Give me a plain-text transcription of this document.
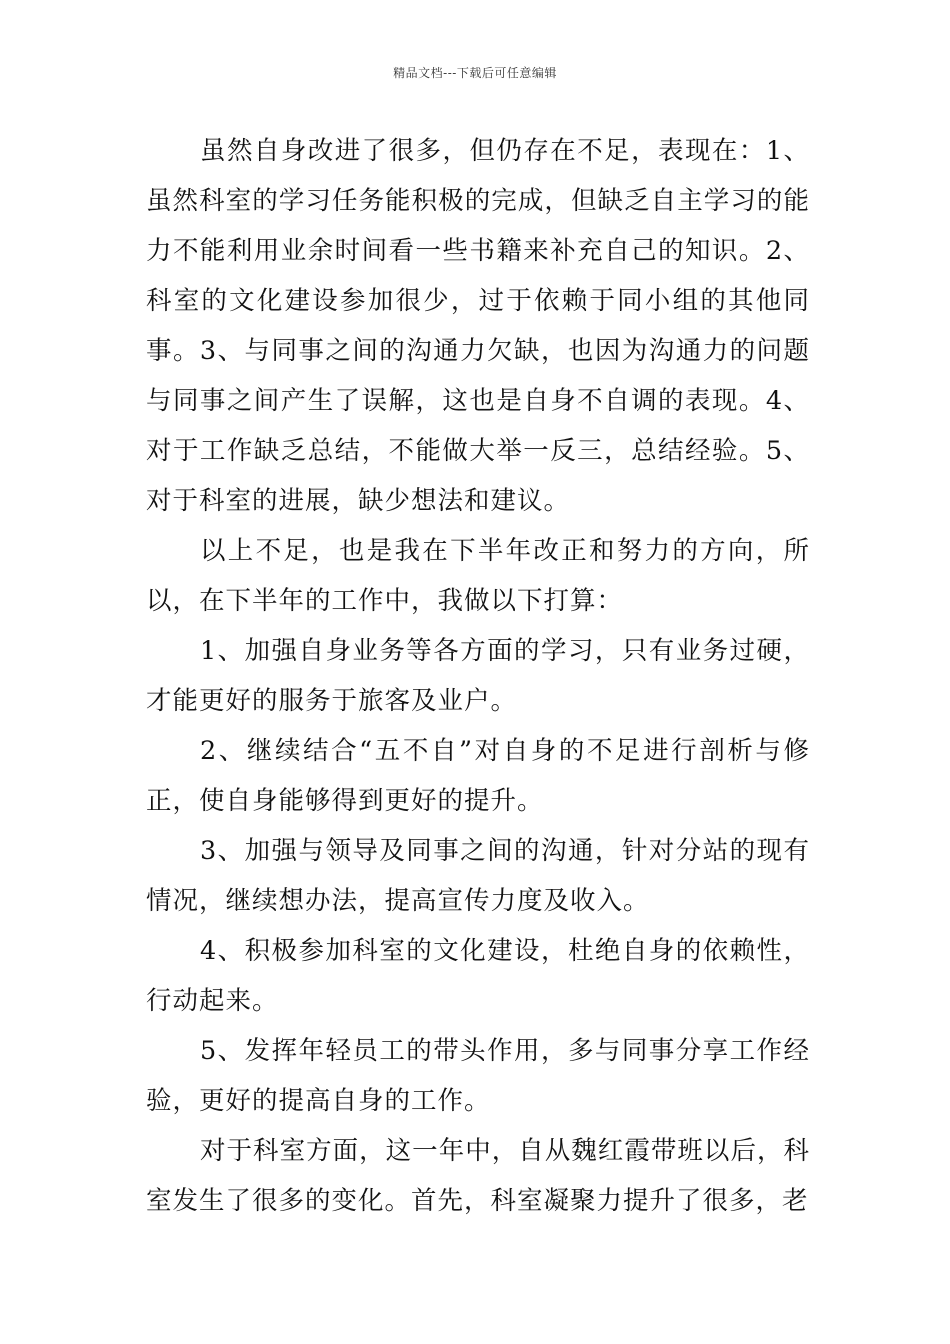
精品文档---下载后可任意编辑

虽然自身改进了很多，但仍存在不足，表现在：1、虽然科室的学习任务能积极的完成，但缺乏自主学习的能力不能利用业余时间看一些书籍来补充自己的知识。2、科室的文化建设参加很少，过于依赖于同小组的其他同事。3、与同事之间的沟通力欠缺，也因为沟通力的问题与同事之间产生了误解，这也是自身不自调的表现。4、对于工作缺乏总结，不能做大举一反三，总结经验。5、对于科室的进展，缺少想法和建议。

以上不足，也是我在下半年改正和努力的方向，所以，在下半年的工作中，我做以下打算：

1、加强自身业务等各方面的学习，只有业务过硬，才能更好的服务于旅客及业户。

2、继续结合“五不自”对自身的不足进行剖析与修正，使自身能够得到更好的提升。

3、加强与领导及同事之间的沟通，针对分站的现有情况，继续想办法，提高宣传力度及收入。

4、积极参加科室的文化建设，杜绝自身的依赖性，行动起来。

5、发挥年轻员工的带头作用，多与同事分享工作经验，更好的提高自身的工作。

对于科室方面，这一年中，自从魏红霞带班以后，科室发生了很多的变化。首先，科室凝聚力提升了很多，老
